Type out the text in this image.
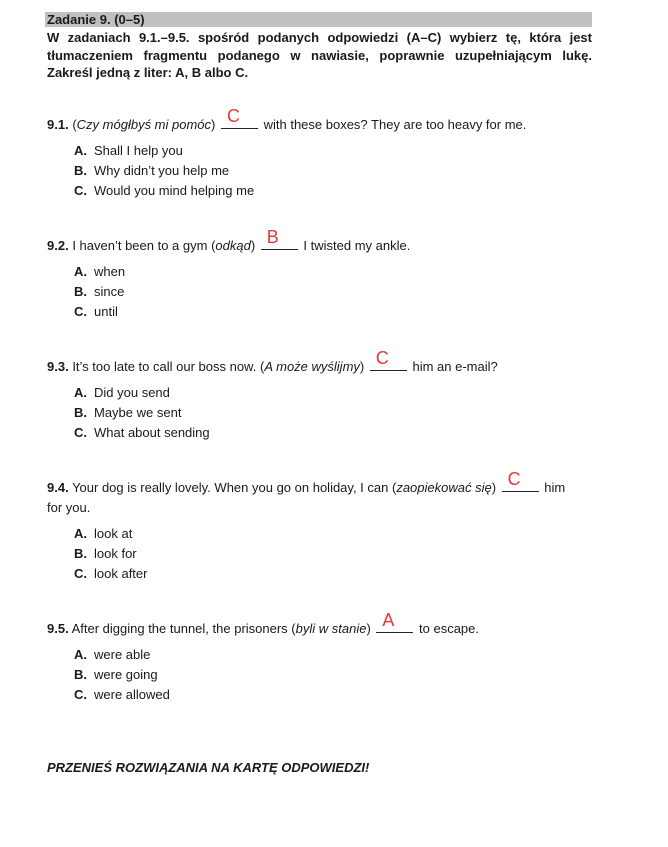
Zadanie 9. (0–5)
W zadaniach 9.1.–9.5. spośród podanych odpowiedzi (A–C) wybierz tę, która jest tłumaczeniem fragmentu podanego w nawiasie, poprawnie uzupełniającym lukę. Zakreśl jedną z liter: A, B albo C.
9.1. (Czy mógłbyś mi pomóc) C with these boxes? They are too heavy for me.
A. Shall I help you
B. Why didn’t you help me
C. Would you mind helping me
9.2. I haven’t been to a gym (odkąd) B I twisted my ankle.
A. when
B. since
C. until
9.3. It’s too late to call our boss now. (A może wyślijmy) C him an e-mail?
A. Did you send
B. Maybe we sent
C. What about sending
9.4. Your dog is really lovely. When you go on holiday, I can (zaopiekować się) C him for you.
A. look at
B. look for
C. look after
9.5. After digging the tunnel, the prisoners (byli w stanie) A to escape.
A. were able
B. were going
C. were allowed
PRZENIEŚ ROZWIĄZANIA NA KARTĘ ODPOWIEDZI!
